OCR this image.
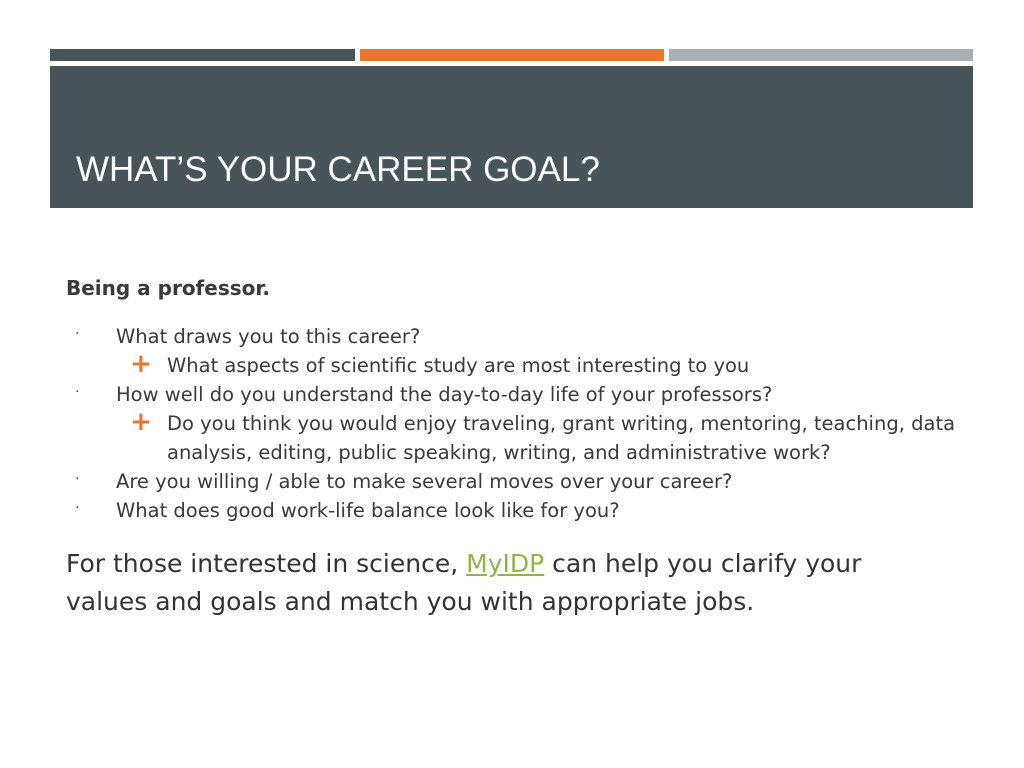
WHAT’S YOUR CAREER GOAL?

Being a professor.

· What draws you to this career?
+ What aspects of scientific study are most interesting to you
· How well do you understand the day-to-day life of your professors?
+ Do you think you would enjoy traveling, grant writing, mentoring, teaching, data analysis, editing, public speaking, writing, and administrative work?
· Are you willing / able to make several moves over your career?
· What does good work-life balance look like for you?

For those interested in science, MyIDP can help you clarify your values and goals and match you with appropriate jobs.
